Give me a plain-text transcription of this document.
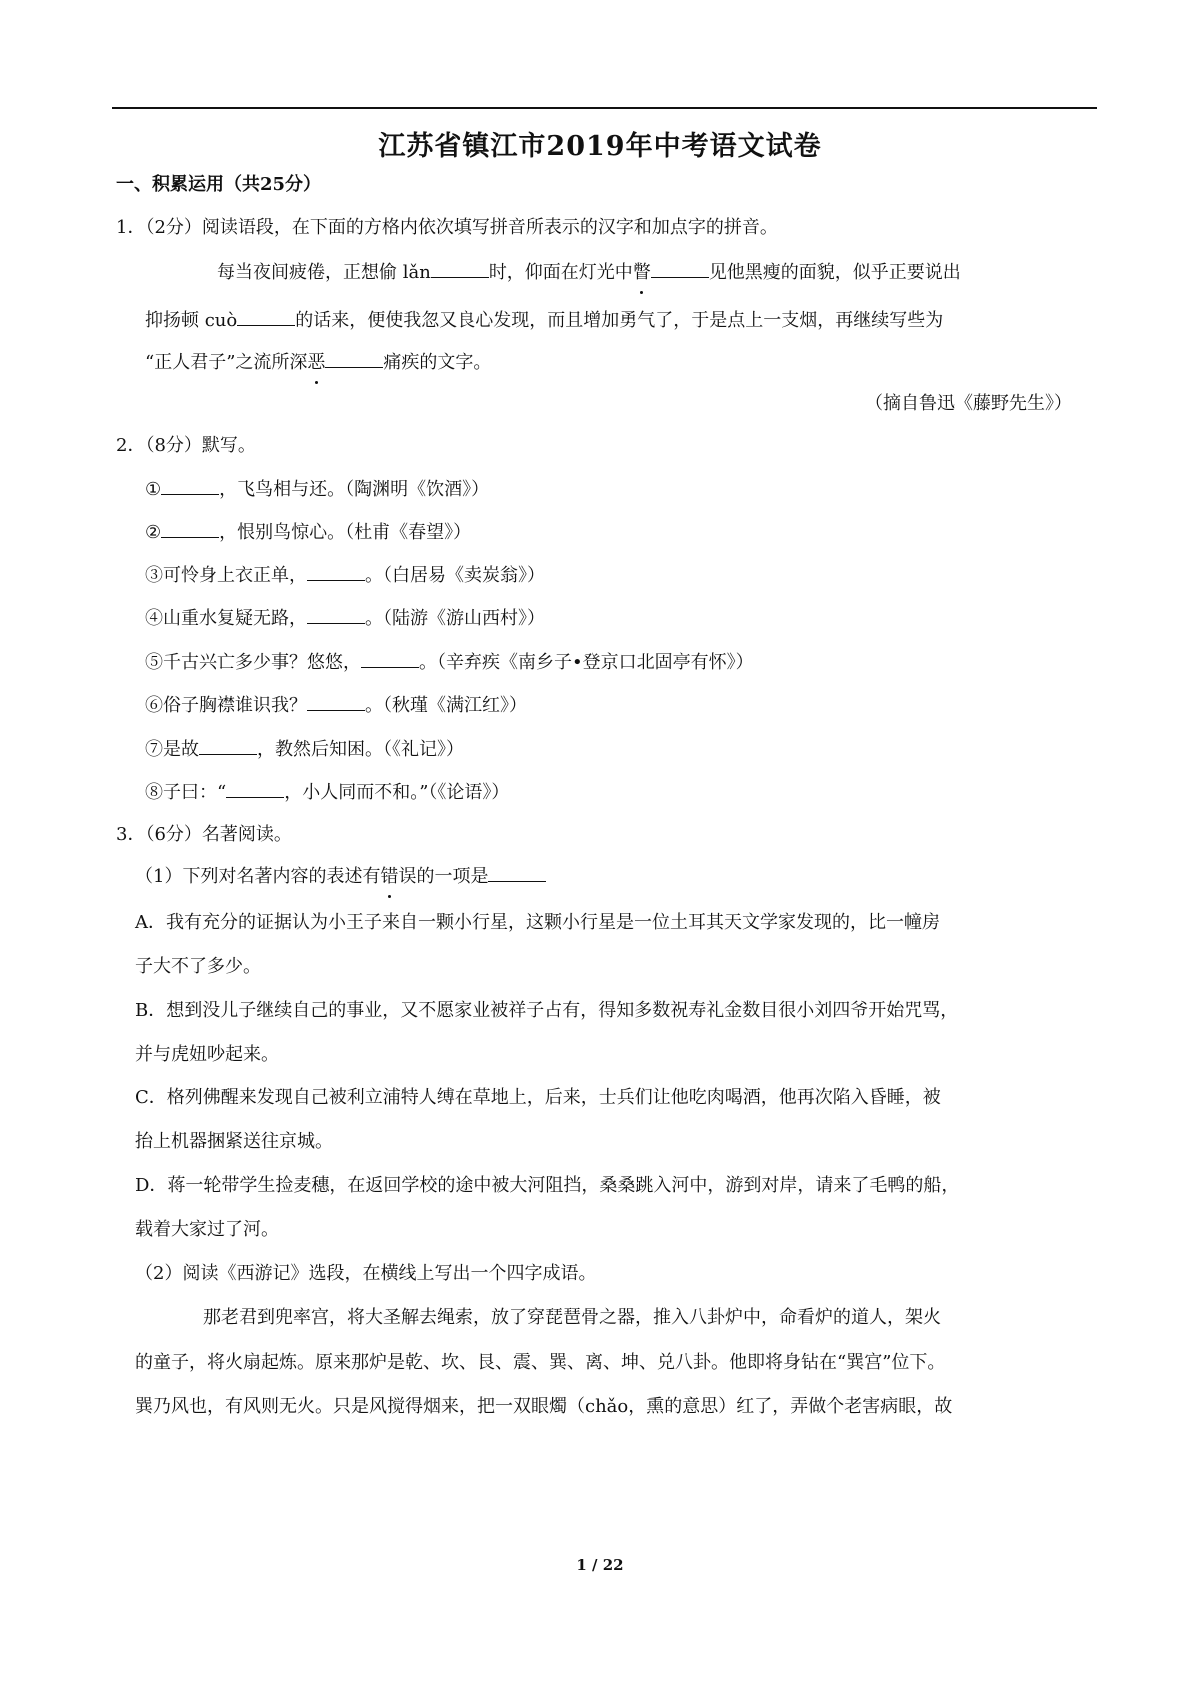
江苏省镇江市2019年中考语文试卷
一、积累运用（共25分）
1．（2分）阅读语段，在下面的方格内依次填写拼音所表示的汉字和加点字的拼音。
每当夜间疲倦，正想偷 lǎn	时，仰面在灯光中瞥	见他黑瘦的面貌，似乎正要说出
抑扬顿 cuò	的话来，便使我忽又良心发现，而且增加勇气了，于是点上一支烟，再继续写些为
“正人君子”之流所深恶	痛疾的文字。
（摘自鲁迅《藤野先生》）
2．（8分）默写。
①	，飞鸟相与还。（陶渊明《饮酒》）
②	，恨别鸟惊心。（杜甫《春望》）
③可怜身上衣正单，	。（白居易《卖炭翁》）
④山重水复疑无路，	。（陆游《游山西村》）
⑤千古兴亡多少事？悠悠，	。（辛弃疾《南乡子•登京口北固亭有怀》）
⑥俗子胸襟谁识我？	。（秋瑾《满江红》）
⑦是故	，教然后知困。（《礼记》）
⑧子曰：“	，小人同而不和。”（《论语》）
3．（6分）名著阅读。
（1）下列对名著内容的表述有错误的一项是
A．我有充分的证据认为小王子来自一颗小行星，这颗小行星是一位土耳其天文学家发现的，比一幢房
子大不了多少。
B．想到没儿子继续自己的事业，又不愿家业被祥子占有，得知多数祝寿礼金数目很小刘四爷开始咒骂，
并与虎妞吵起来。
C．格列佛醒来发现自己被利立浦特人缚在草地上，后来，士兵们让他吃肉喝酒，他再次陷入昏睡，被
抬上机器捆紧送往京城。
D．蒋一轮带学生捡麦穗，在返回学校的途中被大河阻挡，桑桑跳入河中，游到对岸，请来了毛鸭的船，
载着大家过了河。
（2）阅读《西游记》选段，在横线上写出一个四字成语。
那老君到兜率宫，将大圣解去绳索，放了穿琵琶骨之器，推入八卦炉中，命看炉的道人，架火
的童子，将火扇起炼。原来那炉是乾、坎、艮、震、巽、离、坤、兑八卦。他即将身钻在“巽宫”位下。
巽乃风也，有风则无火。只是风搅得烟来，把一双眼燭（chǎo，熏的意思）红了，弄做个老害病眼，故
1 / 22
